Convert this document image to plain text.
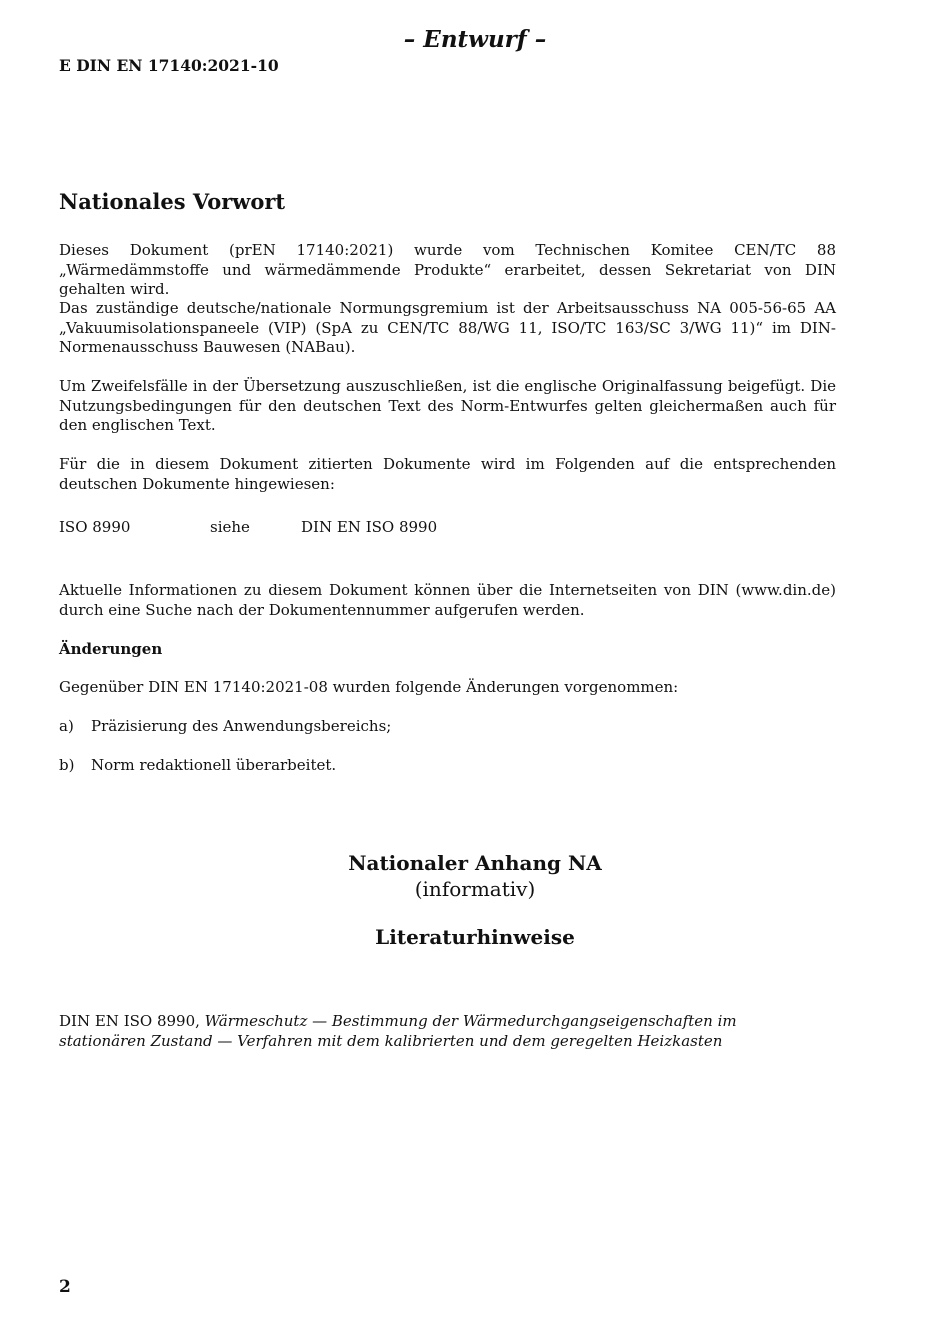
– Entwurf –
E DIN EN 17140:2021-10
Nationales Vorwort
Dieses Dokument (prEN 17140:2021) wurde vom Technischen Komitee CEN/TC 88 „Wärmedämmstoffe und wärmedämmende Produkte“ erarbeitet, dessen Sekretariat von DIN gehalten wird.
Das zuständige deutsche/nationale Normungsgremium ist der Arbeitsausschuss NA 005-56-65 AA „Vakuumisolationspaneele (VIP) (SpA zu CEN/TC 88/WG 11, ISO/TC 163/SC 3/WG 11)“ im DIN-Normenausschuss Bauwesen (NABau).
Um Zweifelsfälle in der Übersetzung auszuschließen, ist die englische Originalfassung beigefügt. Die Nutzungsbedingungen für den deutschen Text des Norm-Entwurfes gelten gleichermaßen auch für den englischen Text.
Für die in diesem Dokument zitierten Dokumente wird im Folgenden auf die entsprechenden deutschen Dokumente hingewiesen:
ISO 8990	siehe	DIN EN ISO 8990
Aktuelle Informationen zu diesem Dokument können über die Internetseiten von DIN (www.din.de) durch eine Suche nach der Dokumentennummer aufgerufen werden.
Änderungen
Gegenüber DIN EN 17140:2021-08 wurden folgende Änderungen vorgenommen:
a) Präzisierung des Anwendungsbereichs;
b) Norm redaktionell überarbeitet.
Nationaler Anhang NA
(informativ)
Literaturhinweise
DIN EN ISO 8990, Wärmeschutz — Bestimmung der Wärmedurchgangseigenschaften im stationären Zustand — Verfahren mit dem kalibrierten und dem geregelten Heizkasten
2
